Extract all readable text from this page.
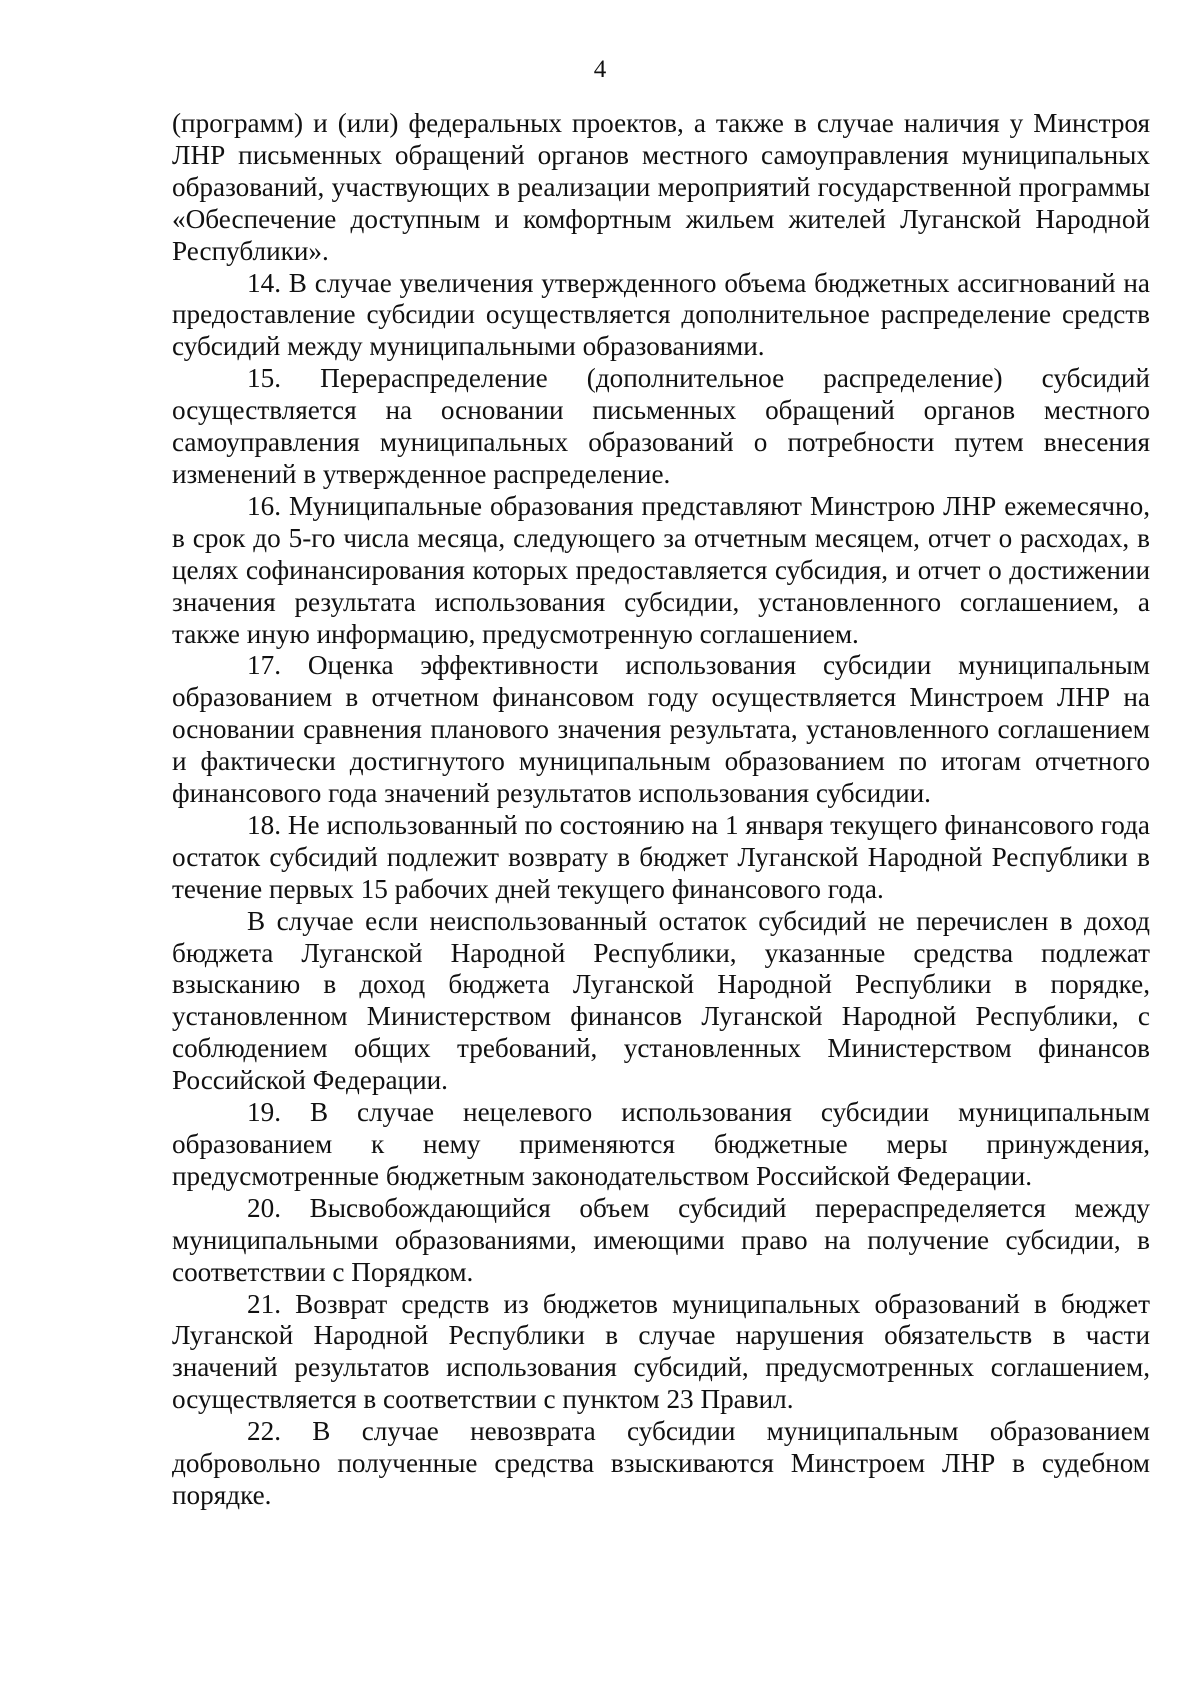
4

(программ) и (или) федеральных проектов, а также в случае наличия у Минстроя ЛНР письменных обращений органов местного самоуправления муниципальных образований, участвующих в реализации мероприятий государственной программы «Обеспечение доступным и комфортным жильем жителей Луганской Народной Республики».

14. В случае увеличения утвержденного объема бюджетных ассигнований на предоставление субсидии осуществляется дополнительное распределение средств субсидий между муниципальными образованиями.

15. Перераспределение (дополнительное распределение) субсидий осуществляется на основании письменных обращений органов местного самоуправления муниципальных образований о потребности путем внесения изменений в утвержденное распределение.

16. Муниципальные образования представляют Минстрою ЛНР ежемесячно, в срок до 5-го числа месяца, следующего за отчетным месяцем, отчет о расходах, в целях софинансирования которых предоставляется субсидия, и отчет о достижении значения результата использования субсидии, установленного соглашением, а также иную информацию, предусмотренную соглашением.

17. Оценка эффективности использования субсидии муниципальным образованием в отчетном финансовом году осуществляется Минстроем ЛНР на основании сравнения планового значения результата, установленного соглашением и фактически достигнутого муниципальным образованием по итогам отчетного финансового года значений результатов использования субсидии.

18. Не использованный по состоянию на 1 января текущего финансового года остаток субсидий подлежит возврату в бюджет Луганской Народной Республики в течение первых 15 рабочих дней текущего финансового года.

В случае если неиспользованный остаток субсидий не перечислен в доход бюджета Луганской Народной Республики, указанные средства подлежат взысканию в доход бюджета Луганской Народной Республики в порядке, установленном Министерством финансов Луганской Народной Республики, с соблюдением общих требований, установленных Министерством финансов Российской Федерации.

19. В случае нецелевого использования субсидии муниципальным образованием к нему применяются бюджетные меры принуждения, предусмотренные бюджетным законодательством Российской Федерации.

20. Высвобождающийся объем субсидий перераспределяется между муниципальными образованиями, имеющими право на получение субсидии, в соответствии с Порядком.

21. Возврат средств из бюджетов муниципальных образований в бюджет Луганской Народной Республики в случае нарушения обязательств в части значений результатов использования субсидий, предусмотренных соглашением, осуществляется в соответствии с пунктом 23 Правил.

22. В случае невозврата субсидии муниципальным образованием добровольно полученные средства взыскиваются Минстроем ЛНР в судебном порядке.
